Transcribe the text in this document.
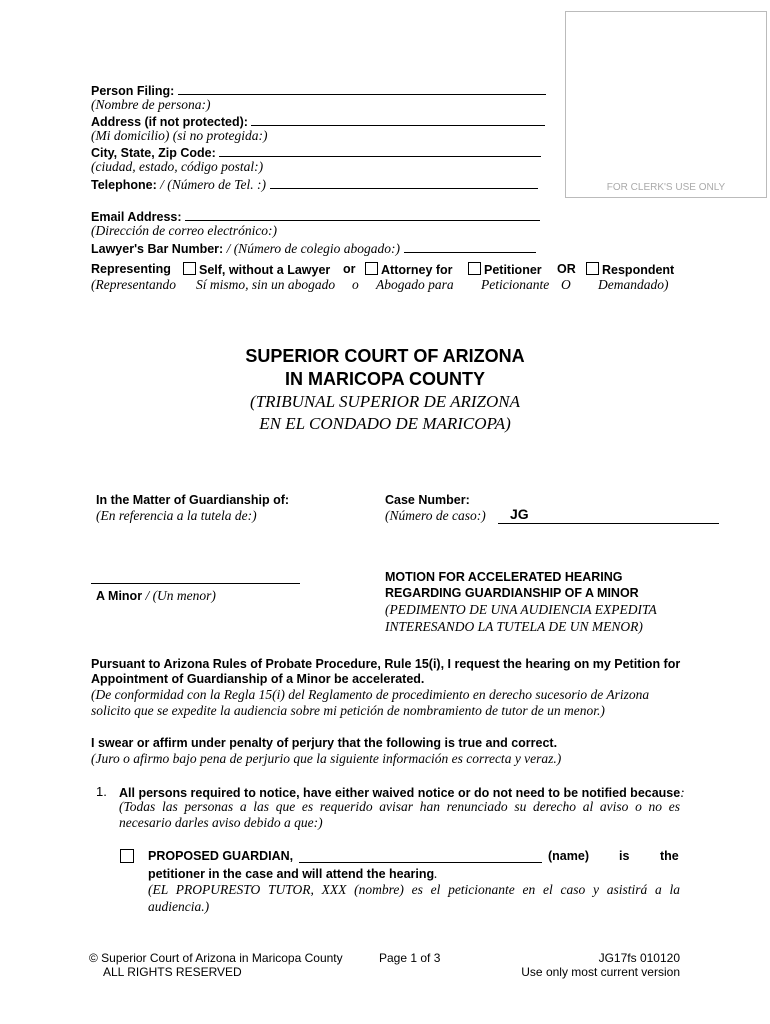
FOR CLERK'S USE ONLY
Person Filing:
(Nombre de persona:)
Address (if not protected):
(Mi domicilio) (si no protegida:)
City, State, Zip Code:
(ciudad, estado, código postal:)
Telephone: / (Número de Tel. :)
Email Address:
(Dirección de correo electrónico:)
Lawyer's Bar Number: / (Número de colegio abogado:)
Representing	Self, without a Lawyer or	Attorney for	Petitioner OR	Respondent
(Representando Sí mismo, sin un abogado o Abogado para Peticionante O Demandado)
SUPERIOR COURT OF ARIZONA
IN MARICOPA COUNTY
(TRIBUNAL SUPERIOR DE ARIZONA
EN EL CONDADO DE MARICOPA)
In the Matter of Guardianship of:
(En referencia a la tutela de:)
Case Number:
(Número de caso:)	JG
A Minor / (Un menor)
MOTION FOR ACCELERATED HEARING
REGARDING GUARDIANSHIP OF A MINOR
(PEDIMENTO DE UNA AUDIENCIA EXPEDITA
INTERESANDO LA TUTELA DE UN MENOR)
Pursuant to Arizona Rules of Probate Procedure, Rule 15(i), I request the hearing on my Petition for
Appointment of Guardianship of a Minor be accelerated.
(De conformidad con la Regla 15(i) del Reglamento de procedimiento en derecho sucesorio de Arizona
solicito que se expedite la audiencia sobre mi petición de nombramiento de tutor de un menor.)
I swear or affirm under penalty of perjury that the following is true and correct.
(Juro o afirmo bajo pena de perjurio que la siguiente información es correcta y veraz.)
1. All persons required to notice, have either waived notice or do not need to be notified because:
(Todas las personas a las que es requerido avisar han renunciado su derecho al aviso o no es
necesario darles aviso debido a que:)
PROPOSED GUARDIAN,	(name) is the
petitioner in the case and will attend the hearing.
(EL PROPURESTO TUTOR, XXX (nombre) es el peticionante en el caso y asistirá a la
audiencia.)
© Superior Court of Arizona in Maricopa County
ALL RIGHTS RESERVED
Page 1 of 3	JG17fs 010120
Use only most current version
